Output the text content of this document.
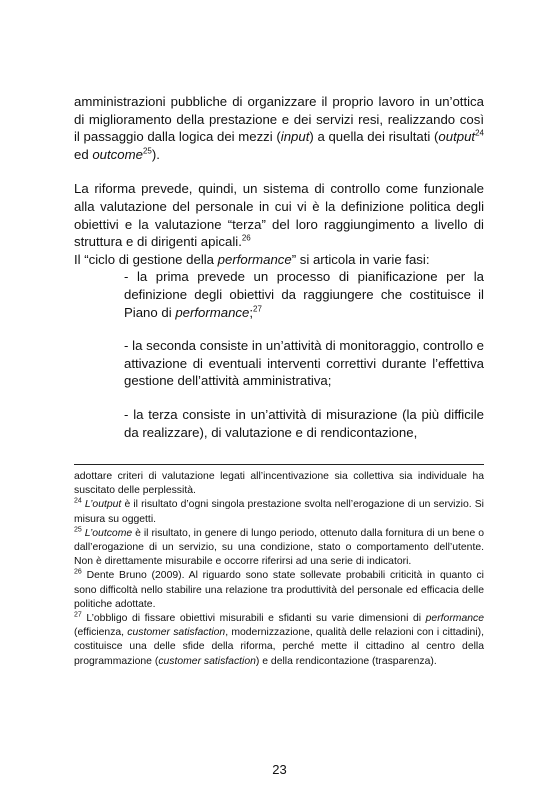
amministrazioni pubbliche di organizzare il proprio lavoro in un’ottica di miglioramento della prestazione e dei servizi resi, realizzando così il passaggio dalla logica dei mezzi (input) a quella dei risultati (output$^{24}$ ed outcome$^{25}$).

La riforma prevede, quindi, un sistema di controllo come funzionale alla valutazione del personale in cui vi è la definizione politica degli obiettivi e la valutazione “terza” del loro raggiungimento a livello di struttura e di dirigenti apicali.$^{26}$

Il “ciclo di gestione della performance” si articola in varie fasi:

- la prima prevede un processo di pianificazione per la definizione degli obiettivi da raggiungere che costituisce il Piano di performance;$^{27}$
- la seconda consiste in un’attività di monitoraggio, controllo e attivazione di eventuali interventi correttivi durante l’effettiva gestione dell’attività amministrativa;
- la terza consiste in un’attività di misurazione (la più difficile da realizzare), di valutazione e di rendicontazione,

adottare criteri di valutazione legati all’incentivazione sia collettiva sia individuale ha suscitato delle perplessità.

$^{24}$ L’output è il risultato d’ogni singola prestazione svolta nell’erogazione di un servizio. Si misura su oggetti.

$^{25}$ L’outcome è il risultato, in genere di lungo periodo, ottenuto dalla fornitura di un bene o dall’erogazione di un servizio, su una condizione, stato o comportamento dell’utente. Non è direttamente misurabile e occorre riferirsi ad una serie di indicatori.

$^{26}$ Dente Bruno (2009). Al riguardo sono state sollevate probabili criticità in quanto ci sono difficoltà nello stabilire una relazione tra produttività del personale ed efficacia delle politiche adottate.

$^{27}$ L’obbligo di fissare obiettivi misurabili e sfidanti su varie dimensioni di performance (efficienza, customer satisfaction, modernizzazione, qualità delle relazioni con i cittadini), costituisce una delle sfide della riforma, perché mette il cittadino al centro della programmazione (customer satisfaction) e della rendicontazione (trasparenza).

23
